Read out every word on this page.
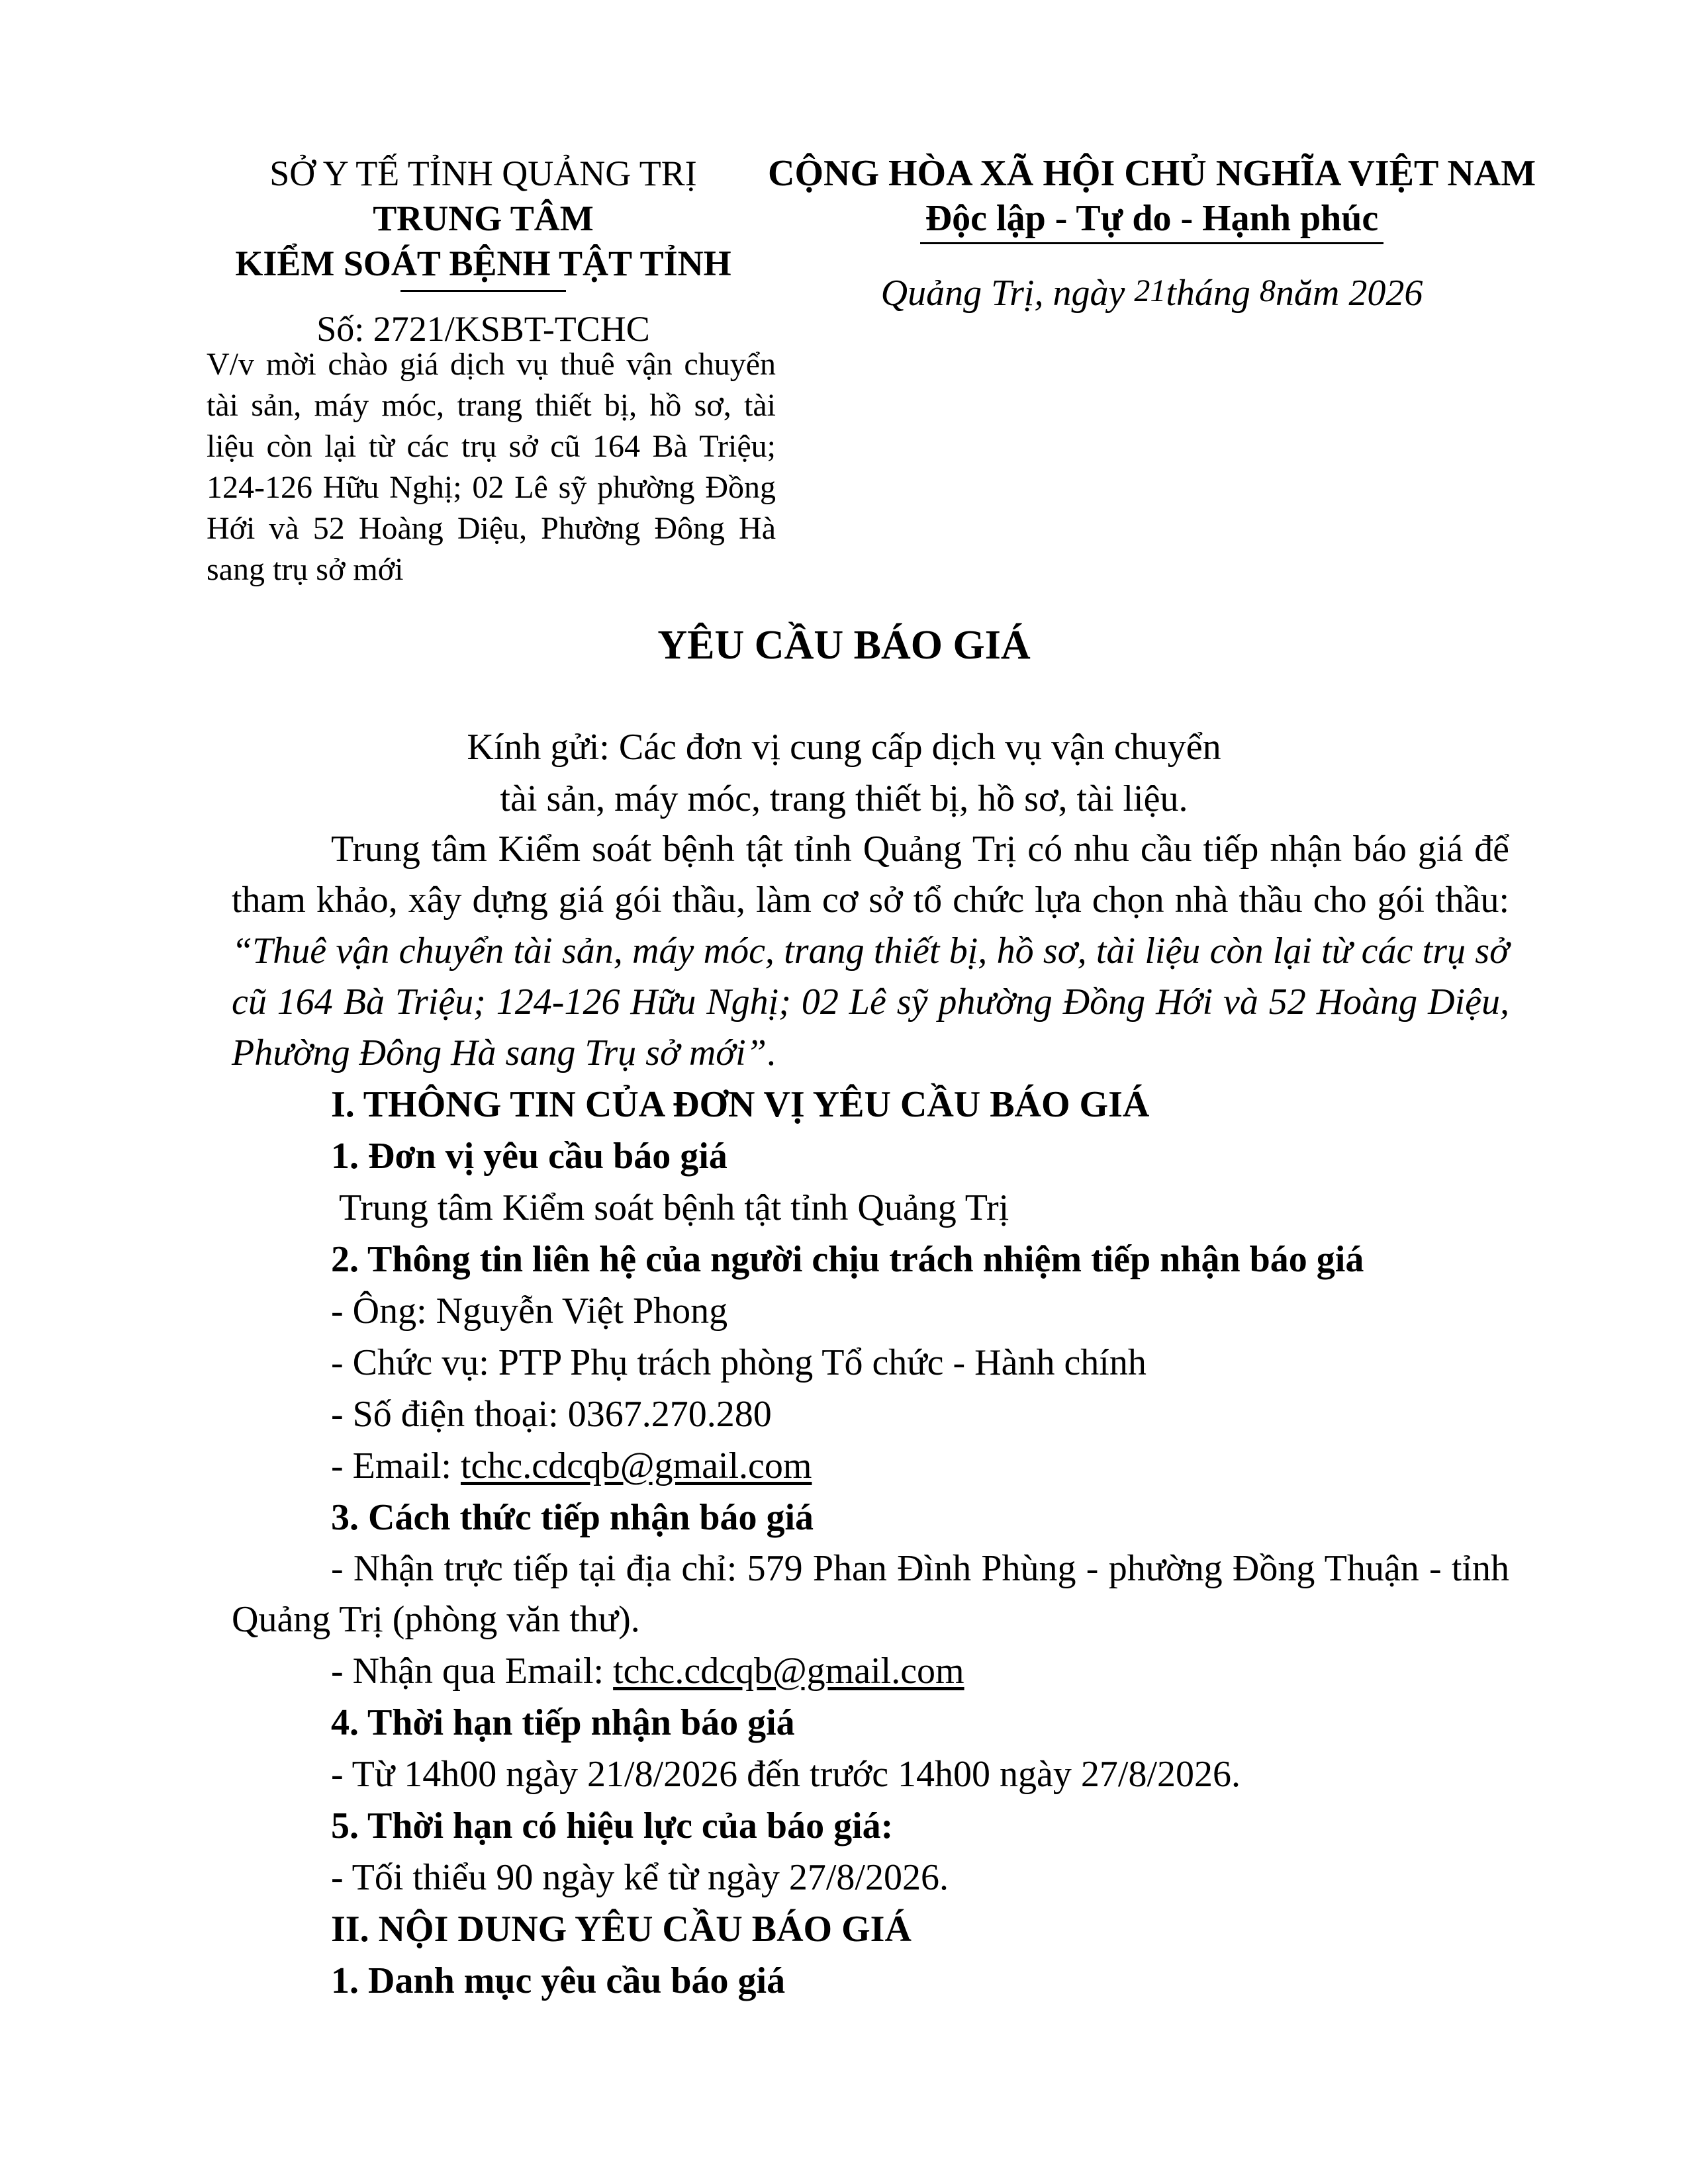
SỞ Y TẾ TỈNH QUẢNG TRỊ
TRUNG TÂM
KIỂM SOÁT BỆNH TẬT TỈNH
Số: 2721/KSBT-TCHC
V/v mời chào giá dịch vụ thuê vận chuyển tài sản, máy móc, trang thiết bị, hồ sơ, tài liệu còn lại từ các trụ sở cũ 164 Bà Triệu; 124-126 Hữu Nghị; 02 Lê sỹ phường Đồng Hới và 52 Hoàng Diệu, Phường Đông Hà sang trụ sở mới
CỘNG HÒA XÃ HỘI CHỦ NGHĨA VIỆT NAM
Độc lập - Tự do - Hạnh phúc
Quảng Trị, ngày 21tháng 8năm 2026
YÊU CẦU BÁO GIÁ
Kính gửi: Các đơn vị cung cấp dịch vụ vận chuyển
tài sản, máy móc, trang thiết bị, hồ sơ, tài liệu.

Trung tâm Kiểm soát bệnh tật tỉnh Quảng Trị có nhu cầu tiếp nhận báo giá để tham khảo, xây dựng giá gói thầu, làm cơ sở tổ chức lựa chọn nhà thầu cho gói thầu: “Thuê vận chuyển tài sản, máy móc, trang thiết bị, hồ sơ, tài liệu còn lại từ các trụ sở cũ 164 Bà Triệu; 124-126 Hữu Nghị; 02 Lê sỹ phường Đồng Hới và 52 Hoàng Diệu, Phường Đông Hà sang Trụ sở mới”.

I. THÔNG TIN CỦA ĐƠN VỊ YÊU CẦU BÁO GIÁ
1. Đơn vị yêu cầu báo giá
Trung tâm Kiểm soát bệnh tật tỉnh Quảng Trị
2. Thông tin liên hệ của người chịu trách nhiệm tiếp nhận báo giá
- Ông: Nguyễn Việt Phong
- Chức vụ: PTP Phụ trách phòng Tổ chức - Hành chính
- Số điện thoại: 0367.270.280
- Email: tchc.cdcqb@gmail.com
3. Cách thức tiếp nhận báo giá

- Nhận trực tiếp tại địa chỉ: 579 Phan Đình Phùng - phường Đồng Thuận - tỉnh Quảng Trị (phòng văn thư).

- Nhận qua Email: tchc.cdcqb@gmail.com
4. Thời hạn tiếp nhận báo giá
- Từ 14h00 ngày 21/8/2026 đến trước 14h00 ngày 27/8/2026.
5. Thời hạn có hiệu lực của báo giá:
- Tối thiểu 90 ngày kể từ ngày 27/8/2026.
II. NỘI DUNG YÊU CẦU BÁO GIÁ
1. Danh mục yêu cầu báo giá
